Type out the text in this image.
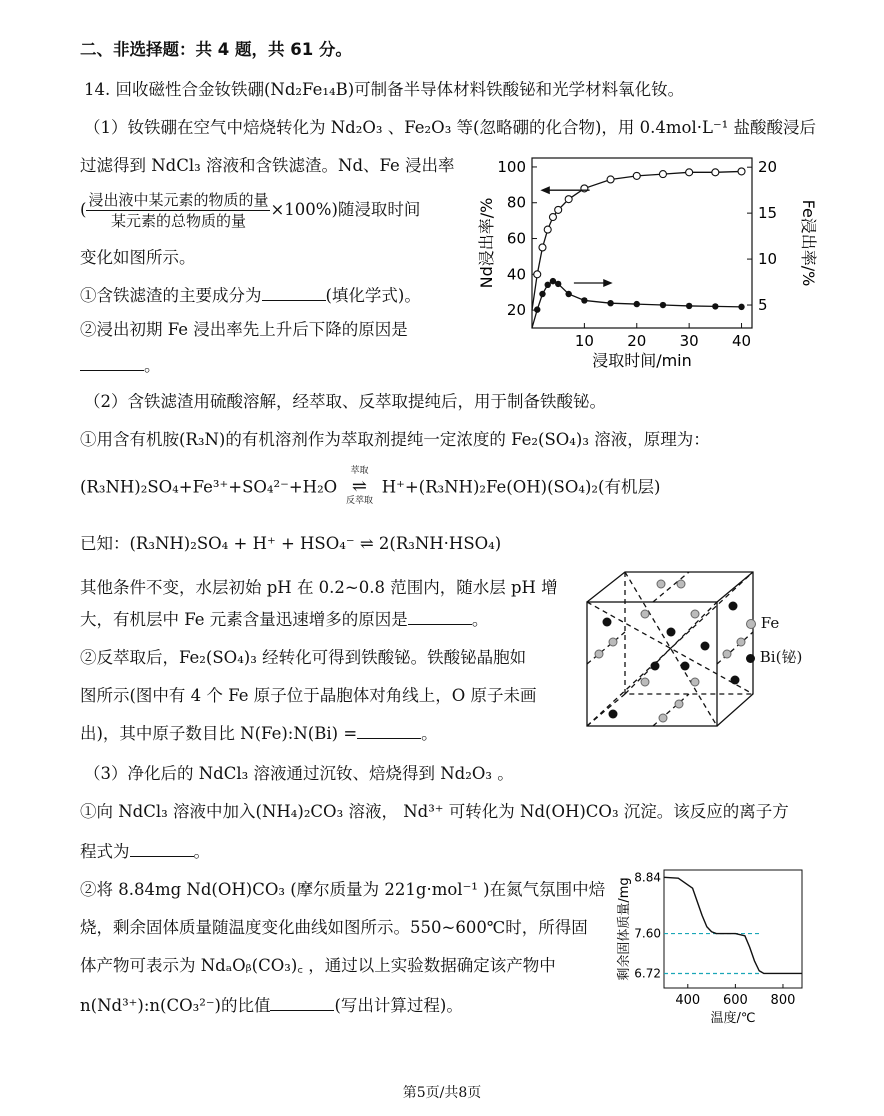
二、非选择题：共 4 题，共 61 分。
14. 回收磁性合金钕铁硼(Nd₂Fe₁₄B)可制备半导体材料铁酸铋和光学材料氧化钕。
（1）钕铁硼在空气中焙烧转化为 Nd₂O₃ 、Fe₂O₃ 等(忽略硼的化合物)，用 0.4mol·L⁻¹ 盐酸酸浸后
过滤得到 NdCl₃ 溶液和含铁滤渣。Nd、Fe 浸出率
( $\frac{\text{浸出液中某元素的物质的量}}{\text{某元素的总物质的量}} \times 100\%$)随浸取时间
变化如图所示。
①含铁滤渣的主要成分为	(填化学式)。
②浸出初期 Fe 浸出率先上升后下降的原因是
。
10 20 30 40
20
40
60
80
100
5
10
15
20
浸取时间/min
Nd浸出率/%	Fe浸出率/%
（2）含铁滤渣用硫酸溶解，经萃取、反萃取提纯后，用于制备铁酸铋。
①用含有机胺(R₃N)的有机溶剂作为萃取剂提纯一定浓度的 Fe₂(SO₄)₃ 溶液，原理为：
(R₃NH)₂SO₄+Fe³⁺+SO₄²⁻+H₂O
萃取
⇌
反萃取
H⁺+(R₃NH)₂Fe(OH)(SO₄)₂(有机层)
已知：(R₃NH)₂SO₄ + H⁺ + HSO₄⁻ ⇌ 2(R₃NH·HSO₄)
其他条件不变，水层初始 pH 在 0.2~0.8 范围内，随水层 pH 增
大，有机层中 Fe 元素含量迅速增多的原因是	。
②反萃取后，Fe₂(SO₄)₃ 经转化可得到铁酸铋。铁酸铋晶胞如
图所示(图中有 4 个 Fe 原子位于晶胞体对角线上，O 原子未画
出)，其中原子数目比 N(Fe):N(Bi) =	。
Fe
Bi(铋)
（3）净化后的 NdCl₃ 溶液通过沉钕、焙烧得到 Nd₂O₃ 。
①向 NdCl₃ 溶液中加入(NH₄)₂CO₃ 溶液， Nd³⁺ 可转化为 Nd(OH)CO₃ 沉淀。该反应的离子方
程式为	。
②将 8.84mg Nd(OH)CO₃ (摩尔质量为 221g·mol⁻¹ )在氮气氛围中焙
烧，剩余固体质量随温度变化曲线如图所示。550~600℃时，所得固
体产物可表示为 NdₐOᵦ(CO₃)꜀ ，通过以上实验数据确定该产物中
n(Nd³⁺):n(CO₃²⁻)的比值	(写出计算过程)。	400 600 800
6.72
7.60
8.84
温度/℃
剩余固体质量/mg
第5页/共8页
